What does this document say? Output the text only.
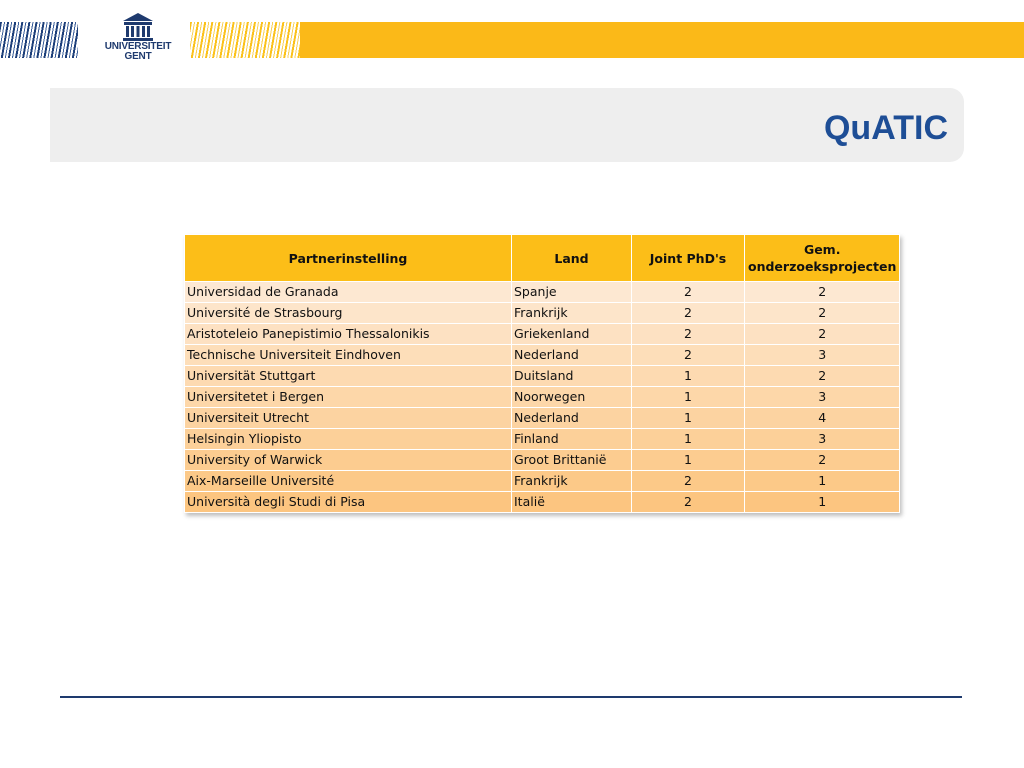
UNIVERSITEIT
GENT
QuATIC
Partnerinstelling	Land	Joint PhD's	Gem. onderzoeksprojecten
Universidad de Granada	Spanje	2	2
Université de Strasbourg	Frankrijk	2	2
Aristoteleio Panepistimio Thessalonikis	Griekenland	2	2
Technische Universiteit Eindhoven	Nederland	2	3
Universität Stuttgart	Duitsland	1	2
Universitetet i Bergen	Noorwegen	1	3
Universiteit Utrecht	Nederland	1	4
Helsingin Yliopisto	Finland	1	3
University of Warwick	Groot Brittanië	1	2
Aix-Marseille Université	Frankrijk	2	1
Università degli Studi di Pisa	Italië	2	1
